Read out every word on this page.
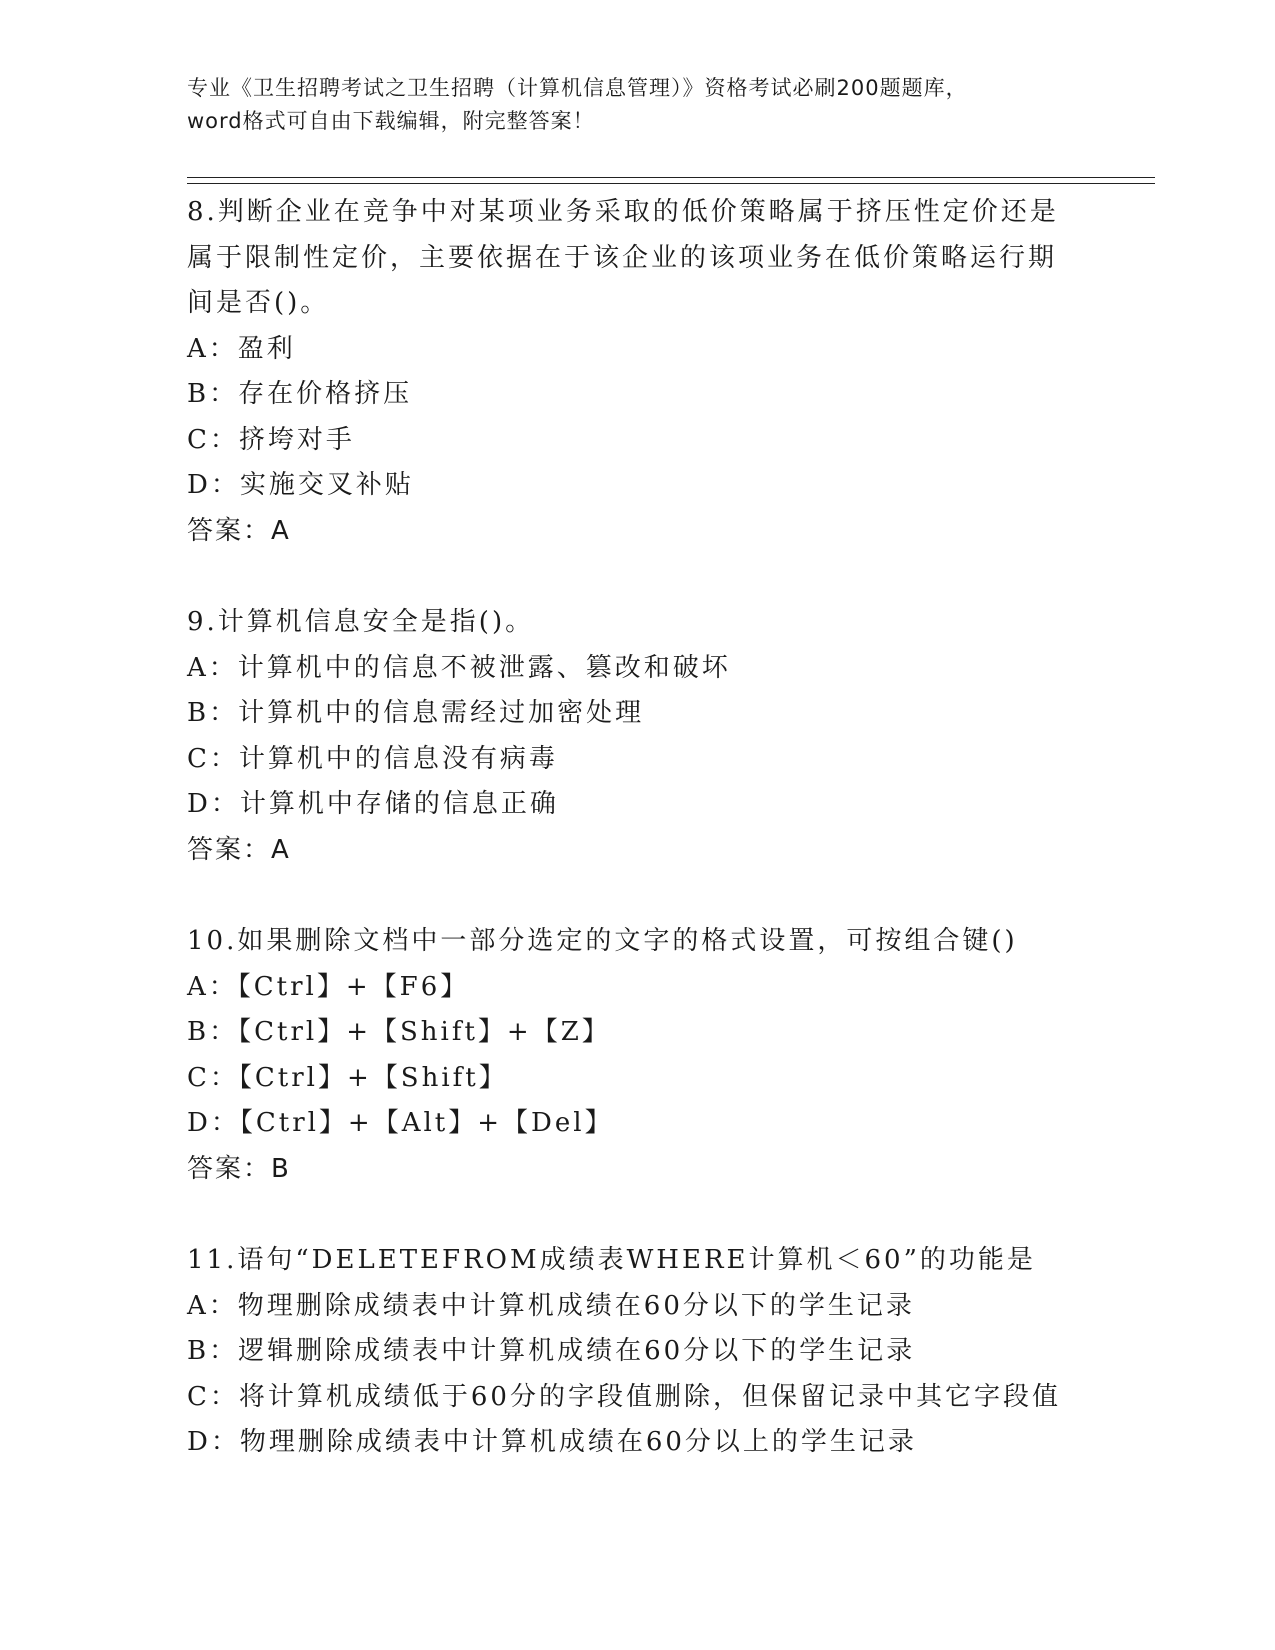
专业《卫生招聘考试之卫生招聘（计算机信息管理）》资格考试必刷200题题库，
word格式可自由下载编辑，附完整答案！
8.判断企业在竞争中对某项业务采取的低价策略属于挤压性定价还是
属于限制性定价，主要依据在于该企业的该项业务在低价策略运行期
间是否()。
A：盈利
B：存在价格挤压
C：挤垮对手
D：实施交叉补贴
答案：A
9.计算机信息安全是指()。
A：计算机中的信息不被泄露、篡改和破坏
B：计算机中的信息需经过加密处理
C：计算机中的信息没有病毒
D：计算机中存储的信息正确
答案：A
10.如果删除文档中一部分选定的文字的格式设置，可按组合键()
A：【Ctrl】+【F6】
B：【Ctrl】+【Shift】+【Z】
C：【Ctrl】+【Shift】
D：【Ctrl】+【Alt】+【Del】
答案：B
11.语句“DELETEFROM成绩表WHERE计算机＜60”的功能是
A：物理删除成绩表中计算机成绩在60分以下的学生记录
B：逻辑删除成绩表中计算机成绩在60分以下的学生记录
C：将计算机成绩低于60分的字段值删除，但保留记录中其它字段值
D：物理删除成绩表中计算机成绩在60分以上的学生记录
